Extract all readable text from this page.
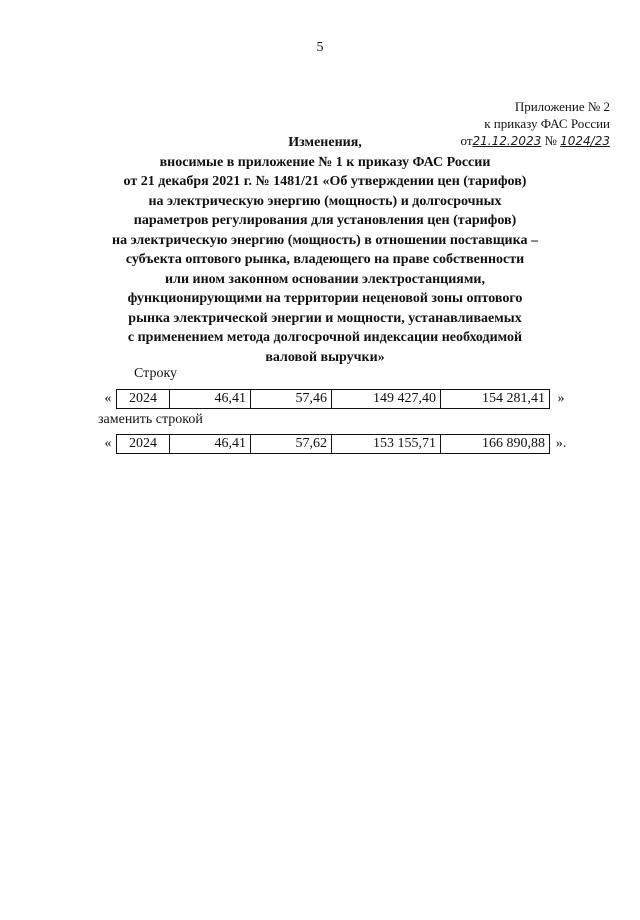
5
Приложение № 2
к приказу ФАС России
от21.12.2023 № 1024/23
Изменения,
вносимые в приложение № 1 к приказу ФАС России
от 21 декабря 2021 г. № 1481/21 «Об утверждении цен (тарифов)
на электрическую энергию (мощность) и долгосрочных
параметров регулирования для установления цен (тарифов)
на электрическую энергию (мощность) в отношении поставщика –
субъекта оптового рынка, владеющего на праве собственности
или ином законном основании электростанциями,
функционирующими на территории неценовой зоны оптового
рынка электрической энергии и мощности, устанавливаемых
с применением метода долгосрочной индексации необходимой
валовой выручки»
Строку
«	2024	46,41	57,46	149 427,40	154 281,41 »
заменить строкой
«	2024	46,41	57,62	153 155,71	166 890,88 ».
